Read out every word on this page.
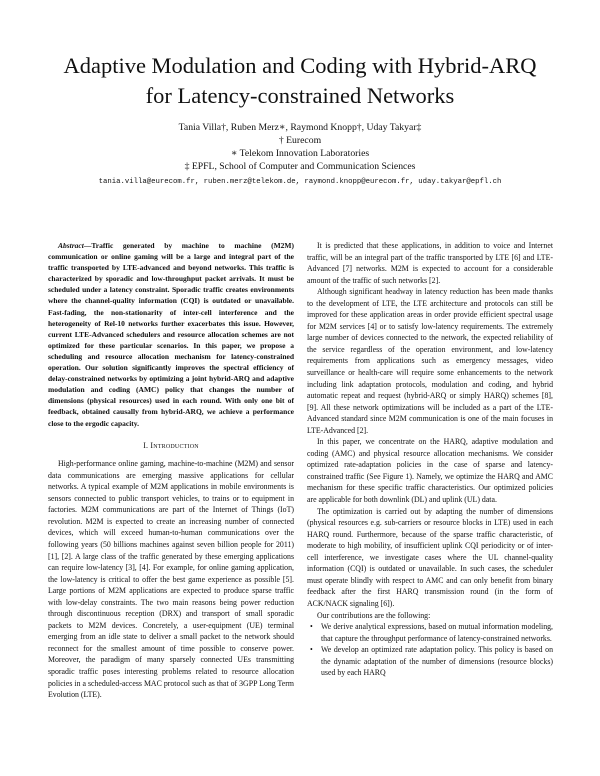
Adaptive Modulation and Coding with Hybrid-ARQ
for Latency-constrained Networks
Tania Villa†, Ruben Merz∗, Raymond Knopp†, Uday Takyar‡
† Eurecom
∗ Telekom Innovation Laboratories
‡ EPFL, School of Computer and Communication Sciences
tania.villa@eurecom.fr, ruben.merz@telekom.de, raymond.knopp@eurecom.fr, uday.takyar@epfl.ch

Abstract—Traffic generated by machine to machine (M2M) communication or online gaming will be a large and integral part of the traffic transported by LTE-advanced and beyond networks. This traffic is characterized by sporadic and low-throughput packet arrivals. It must be scheduled under a latency constraint. Sporadic traffic creates environments where the channel-quality information (CQI) is outdated or unavailable. Fast-fading, the non-stationarity of inter-cell interference and the heterogeneity of Rel-10 networks further exacerbates this issue. However, current LTE-Advanced schedulers and resource allocation schemes are not optimized for these particular scenarios. In this paper, we propose a scheduling and resource allocation mechanism for latency-constrained operation. Our solution significantly improves the spectral efficiency of delay-constrained networks by optimizing a joint hybrid-ARQ and adaptive modulation and coding (AMC) policy that changes the number of dimensions (physical resources) used in each round. With only one bit of feedback, obtained causally from hybrid-ARQ, we achieve a performance close to the ergodic capacity.

I. Introduction

High-performance online gaming, machine-to-machine (M2M) and sensor data communications are emerging massive applications for cellular networks. A typical example of M2M applications in mobile environments is sensors connected to public transport vehicles, to trains or to equipment in factories. M2M communications are part of the Internet of Things (IoT) revolution. M2M is expected to create an increasing number of connected devices, which will exceed human-to-human communications over the following years (50 billions machines against seven billion people for 2011) [1], [2]. A large class of the traffic generated by these emerging applications can require low-latency [3], [4]. For example, for online gaming application, the low-latency is critical to offer the best game experience as possible [5]. Large portions of M2M applications are expected to produce sparse traffic with low-delay constraints. The two main reasons being power reduction through discontinuous reception (DRX) and transport of small sporadic packets to M2M devices. Concretely, a user-equipment (UE) terminal emerging from an idle state to deliver a small packet to the network should reconnect for the smallest amount of time possible to conserve power. Moreover, the paradigm of many sparsely connected UEs transmitting sporadic traffic poses interesting problems related to resource allocation policies in a scheduled-access MAC protocol such as that of 3GPP Long Term Evolution (LTE).

It is predicted that these applications, in addition to voice and Internet traffic, will be an integral part of the traffic transported by LTE [6] and LTE-Advanced [7] networks. M2M is expected to account for a considerable amount of the traffic of such networks [2].

Although significant headway in latency reduction has been made thanks to the development of LTE, the LTE architecture and protocols can still be improved for these application areas in order provide efficient spectral usage for M2M services [4] or to satisfy low-latency requirements. The extremely large number of devices connected to the network, the expected reliability of the service regardless of the operation environment, and low-latency requirements from applications such as emergency messages, video surveillance or health-care will require some enhancements to the network including link adaptation protocols, modulation and coding, and hybrid automatic repeat and request (hybrid-ARQ or simply HARQ) schemes [8], [9]. All these network optimizations will be included as a part of the LTE-Advanced standard since M2M communication is one of the main focuses in LTE-Advanced [2].

In this paper, we concentrate on the HARQ, adaptive modulation and coding (AMC) and physical resource allocation mechanisms. We consider optimized rate-adaptation policies in the case of sparse and latency-constrained traffic (See Figure 1). Namely, we optimize the HARQ and AMC mechanism for these specific traffic characteristics. Our optimized policies are applicable for both downlink (DL) and uplink (UL) data.

The optimization is carried out by adapting the number of dimensions (physical resources e.g. sub-carriers or resource blocks in LTE) used in each HARQ round. Furthermore, because of the sparse traffic characteristic, of moderate to high mobility, of insufficient uplink CQI periodicity or of inter-cell interference, we investigate cases where the UL channel-quality information (CQI) is outdated or unavailable. In such cases, the scheduler must operate blindly with respect to AMC and can only benefit from binary feedback after the first HARQ transmission round (in the form of ACK/NACK signaling [6]).

Our contributions are the following:

• We derive analytical expressions, based on mutual information modeling, that capture the throughput performance of latency-constrained networks.
• We develop an optimized rate adaptation policy. This policy is based on the dynamic adaptation of the number of dimensions (resource blocks) used by each HARQ
